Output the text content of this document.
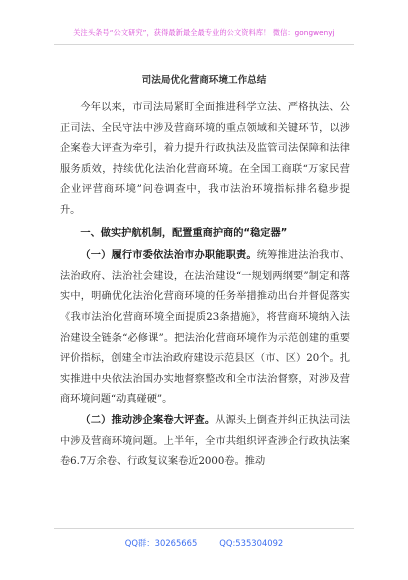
关注头条号“公文研究”，获得最新最全最专业的公文资料库！ 微信：gongwenyj
司法局优化营商环境工作总结

今年以来，市司法局紧盯全面推进科学立法、严格执法、公正司法、全民守法中涉及营商环境的重点领域和关键环节，以涉企案卷大评查为牵引，着力提升行政执法及监管司法保障和法律服务质效，持续优化法治化营商环境。在全国工商联“万家民营企业评营商环境”问卷调查中，我市法治环境指标排名稳步提升。

一、做实护航机制，配置重商护商的“稳定器”

（一）履行市委依法治市办职能职责。统筹推进法治我市、法治政府、法治社会建设，在法治建设“一规划两纲要”制定和落实中，明确优化法治化营商环境的任务举措推动出台并督促落实《我市法治化营商环境全面提质23条措施》，将营商环境纳入法治建设全链条“必修课”。把法治化营商环境作为示范创建的重要评价指标，创建全市法治政府建设示范县区（市、区）20个。扎实推进中央依法治国办实地督察整改和全市法治督察，对涉及营商环境问题“动真碰硬”。

（二）推动涉企案卷大评查。从源头上倒查并纠正执法司法中涉及营商环境问题。上半年，全市共组织评查涉企行政执法案卷6.7万余卷、行政复议案卷近2000卷。推动

QQ群：30265665	QQ:535304092
